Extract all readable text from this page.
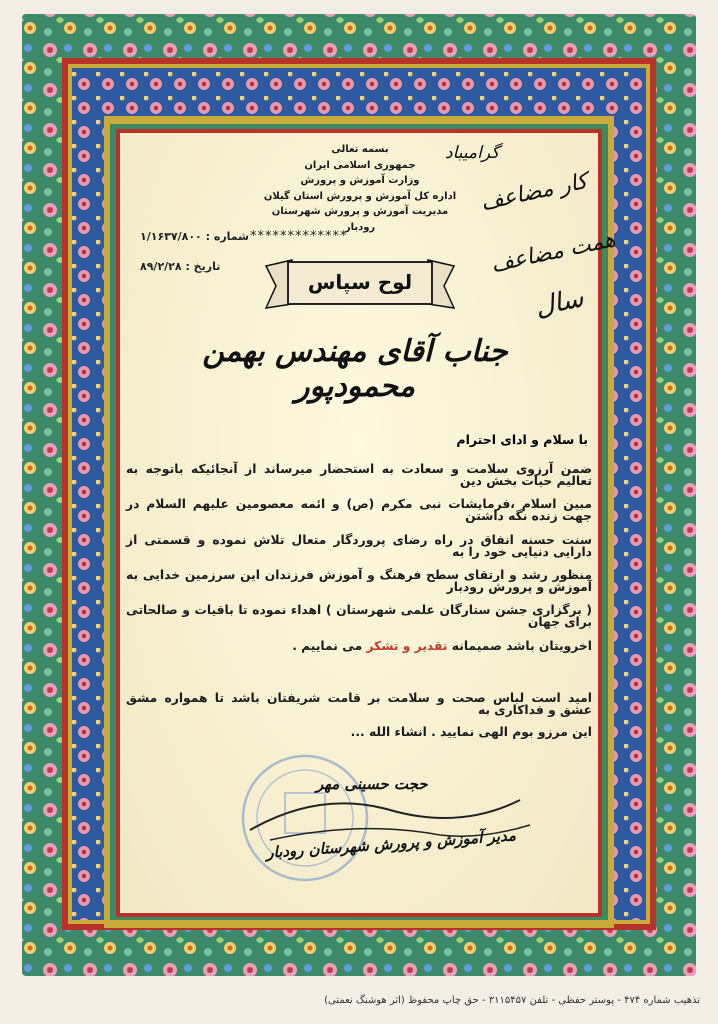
بسمه تعالی
جمهوری اسلامی ایران
وزارت آموزش و پرورش
اداره کل آموزش و پرورش استان گیلان
مدیریت آموزش و پرورش شهرستان رودبار
گرامیباد
کار مضاعف
همت مضاعف
سال
شماره : ۱/۱۶۳۷/۸۰۰	*************
تاریخ : ۸۹/۲/۲۸
لوح سپاس
جناب آقای مهندس بهمن محمودپور
با سلام و ادای احترام
ضمن آرزوی سلامت و سعادت به استحضار میرساند از آنجائیکه باتوجه به تعالیم حیات بخش دین
مبین اسلام ،فرمایشات نبی مکرم (ص) و ائمه معصومین علیهم السلام در جهت زنده نگه داشتن
سنت حسنه انفاق در راه رضای پروردگار متعال تلاش نموده و قسمتی از دارایی دنیایی خود را به
منظور رشد و ارتقای سطح فرهنگ و آموزش فرزندان این سرزمین خدایی به آموزش و پرورش رودبار
( برگزاری جشن ستارگان علمی شهرستان ) اهداء نموده تا باقیات و صالحاتی برای جهان
اخرویتان باشد صمیمانه تقدیر و تشکر می نماییم .
امید است لباس صحت و سلامت بر قامت شریفتان باشد تا همواره مشق عشق و فداکاری به
این مرزو بوم الهی نمایید . انشاء الله ...
حجت حسینی مهر
مدیر آموزش و پرورش شهرستان رودبار
تذهیب شماره ۴۷۴ - پوستر حفظی - تلفن ۳۱۱۵۴۵۷ - حق چاپ محفوظ (اثر هوشنگ نعمتی)
